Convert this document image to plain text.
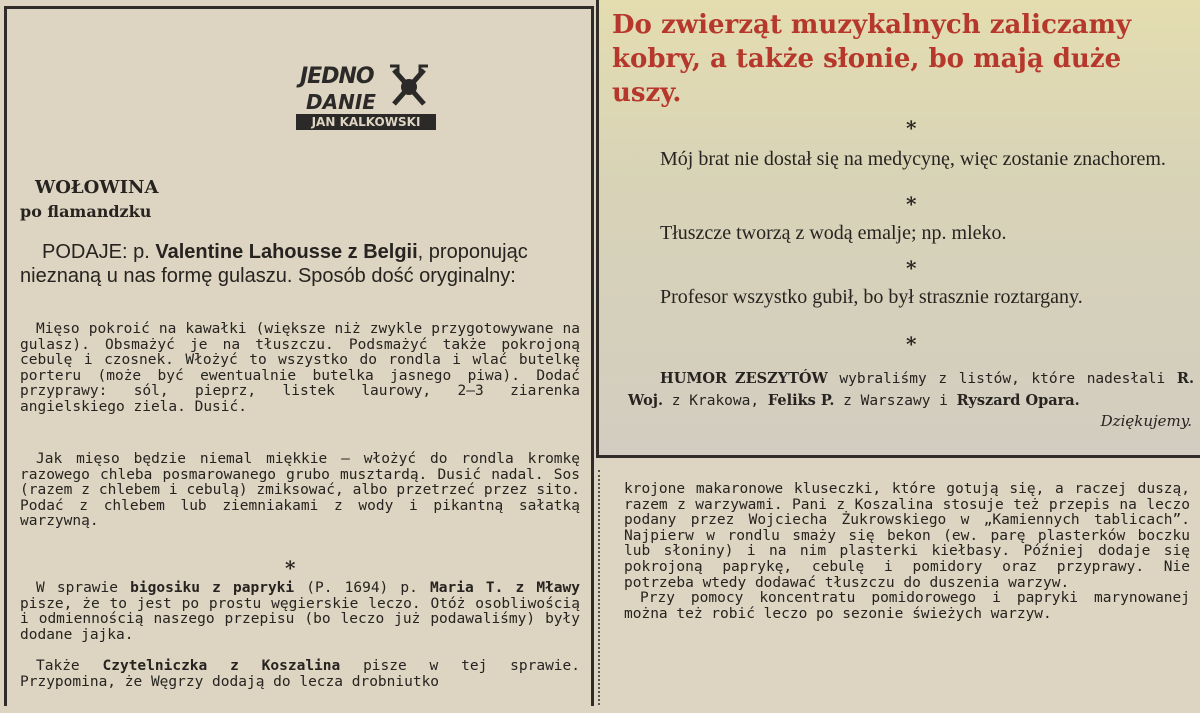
JEDNO
DANIE
JAN KALKOWSKI

WOŁOWINA

po flamandzku

PODAJE: p. Valentine Lahousse z Belgii, proponując nieznaną u nas formę gulaszu. Sposób dość oryginalny:

Mięso pokroić na kawałki (większe niż zwykle przygotowywane na gulasz). Obsmażyć je na tłuszczu. Podsmażyć także pokrojoną cebulę i czosnek. Włożyć to wszystko do rondla i wlać butelkę porteru (może być ewentualnie butelka jasnego piwa). Dodać przyprawy: sól, pieprz, listek laurowy, 2—3 ziarenka angielskiego ziela. Dusić.

Jak mięso będzie niemal miękkie — włożyć do rondla kromkę razowego chleba posmarowanego grubo musztardą. Dusić nadal. Sos (razem z chlebem i cebulą) zmiksować, albo przetrzeć przez sito. Podać z chlebem lub ziemniakami z wody i pikantną sałatką warzywną.

*

W sprawie bigosiku z papryki (P. 1694) p. Maria T. z Mławy pisze, że to jest po prostu węgierskie leczo. Otóż osobliwością i odmiennością naszego przepisu (bo leczo już podawaliśmy) były dodane jajka.

Także Czytelniczka z Koszalina pisze w tej sprawie. Przypomina, że Węgrzy dodają do lecza drobniutko

Do zwierząt muzykalnych zaliczamy kobry, a także słonie, bo mają duże uszy.

*

Mój brat nie dostał się na medycynę, więc zostanie znachorem.

*

Tłuszcze tworzą z wodą emalje; np. mleko.

*

Profesor wszystko gubił, bo był strasznie roztargany.

*

HUMOR ZESZYTÓW wybraliśmy z listów, które nadesłali R. Woj. z Krakowa, Feliks P. z Warszawy i Ryszard Opara.

Dziękujemy.

krojone makaronowe kluseczki, które gotują się, a raczej duszą, razem z warzywami. Pani z Koszalina stosuje też przepis na leczo podany przez Wojciecha Żukrowskiego w „Kamiennych tablicach”. Najpierw w rondlu smaży się bekon (ew. parę plasterków boczku lub słoniny) i na nim plasterki kiełbasy. Później dodaje się pokrojoną paprykę, cebulę i pomidory oraz przyprawy. Nie potrzeba wtedy dodawać tłuszczu do duszenia warzyw.
Przy pomocy koncentratu pomidorowego i papryki marynowanej można też robić leczo po sezonie świeżych warzyw.
